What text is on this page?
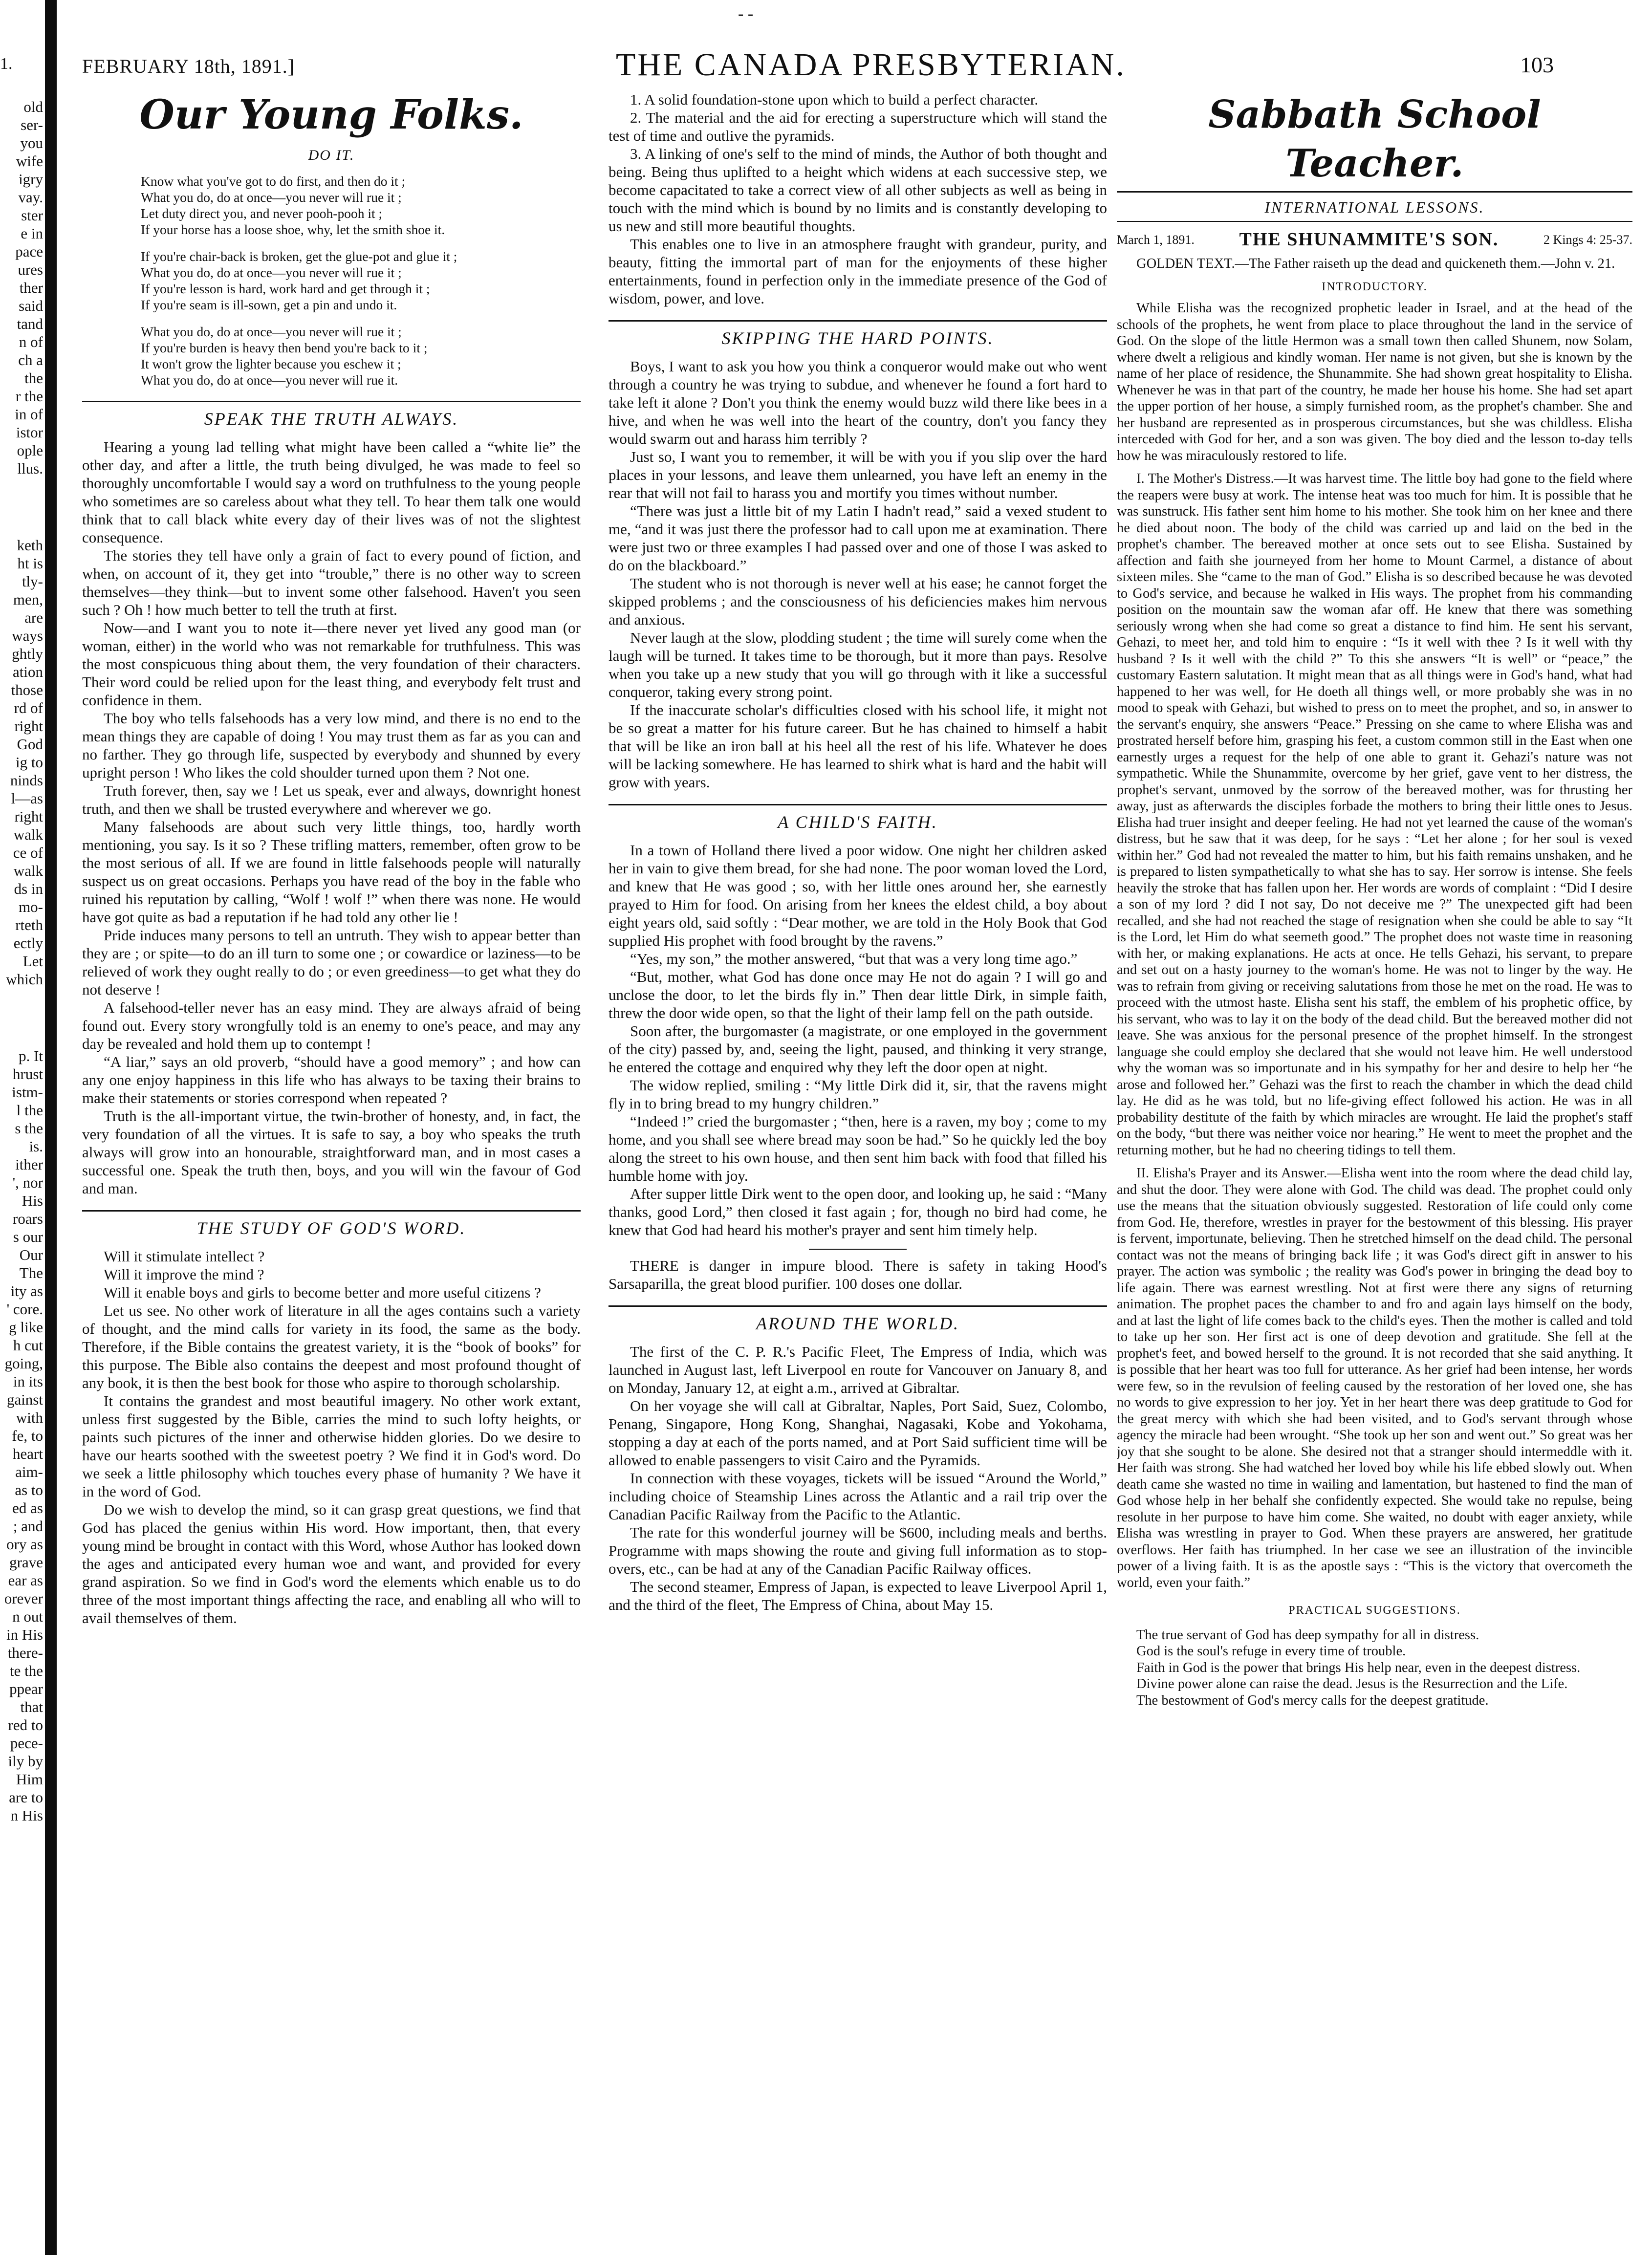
1.
- -
FEBRUARY 18th, 1891.]	THE CANADA PRESBYTERIAN.	103
old
ser-
you
wife
igry
vay.
ster
e in
pace
ures
ther
said
tand
n of
ch a
the
r the
in of
istor
ople
llus.
keth
ht is
tly-
men,
are
ways
ghtly
ation
those
rd of
right
God
ig to
ninds
l—as
right
walk
ce of
walk
ds in
mo-
rteth
ectly
Let
which
p. It
hrust
istm-
l the
s the
is.
ither
', nor
His
roars
s our
Our
The
ity as
' core.
g like
h cut
going,
in its
gainst
with
fe, to
heart
aim-
as to
ed as
; and
ory as
grave
ear as
orever
n out
in His
there-
te the
ppear
that
red to
pece-
ily by
Him
are to
n His
Our Young Folks.
DO IT.
Know what you've got to do first, and then do it ;
What you do, do at once—you never will rue it ;
Let duty direct you, and never pooh-pooh it ;
If your horse has a loose shoe, why, let the smith shoe it.
If you're chair-back is broken, get the glue-pot and glue it ;
What you do, do at once—you never will rue it ;
If you're lesson is hard, work hard and get through it ;
If you're seam is ill-sown, get a pin and undo it.
What you do, do at once—you never will rue it ;
If you're burden is heavy then bend you're back to it ;
It won't grow the lighter because you eschew it ;
What you do, do at once—you never will rue it.
SPEAK THE TRUTH ALWAYS.

Hearing a young lad telling what might have been called a “white lie” the other day, and after a little, the truth being divulged, he was made to feel so thoroughly uncomfortable I would say a word on truthfulness to the young people who sometimes are so careless about what they tell. To hear them talk one would think that to call black white every day of their lives was of not the slightest consequence.

The stories they tell have only a grain of fact to every pound of fiction, and when, on account of it, they get into “trouble,” there is no other way to screen themselves—they think—but to invent some other falsehood. Haven't you seen such ? Oh ! how much better to tell the truth at first.

Now—and I want you to note it—there never yet lived any good man (or woman, either) in the world who was not remarkable for truthfulness. This was the most conspicuous thing about them, the very foundation of their characters. Their word could be relied upon for the least thing, and everybody felt trust and confidence in them.

The boy who tells falsehoods has a very low mind, and there is no end to the mean things they are capable of doing ! You may trust them as far as you can and no farther. They go through life, suspected by everybody and shunned by every upright person ! Who likes the cold shoulder turned upon them ? Not one.

Truth forever, then, say we ! Let us speak, ever and always, downright honest truth, and then we shall be trusted everywhere and wherever we go.

Many falsehoods are about such very little things, too, hardly worth mentioning, you say. Is it so ? These trifling matters, remember, often grow to be the most serious of all. If we are found in little falsehoods people will naturally suspect us on great occasions. Perhaps you have read of the boy in the fable who ruined his reputation by calling, “Wolf ! wolf !” when there was none. He would have got quite as bad a reputation if he had told any other lie !

Pride induces many persons to tell an untruth. They wish to appear better than they are ; or spite—to do an ill turn to some one ; or cowardice or laziness—to be relieved of work they ought really to do ; or even greediness—to get what they do not deserve !

A falsehood-teller never has an easy mind. They are always afraid of being found out. Every story wrongfully told is an enemy to one's peace, and may any day be revealed and hold them up to contempt !

“A liar,” says an old proverb, “should have a good memory” ; and how can any one enjoy happiness in this life who has always to be taxing their brains to make their statements or stories correspond when repeated ?

Truth is the all-important virtue, the twin-brother of honesty, and, in fact, the very foundation of all the virtues. It is safe to say, a boy who speaks the truth always will grow into an honourable, straightforward man, and in most cases a successful one. Speak the truth then, boys, and you will win the favour of God and man.

THE STUDY OF GOD'S WORD.

Will it stimulate intellect ?

Will it improve the mind ?

Will it enable boys and girls to become better and more useful citizens ?

Let us see. No other work of literature in all the ages contains such a variety of thought, and the mind calls for variety in its food, the same as the body. Therefore, if the Bible contains the greatest variety, it is the “book of books” for this purpose. The Bible also contains the deepest and most profound thought of any book, it is then the best book for those who aspire to thorough scholarship.

It contains the grandest and most beautiful imagery. No other work extant, unless first suggested by the Bible, carries the mind to such lofty heights, or paints such pictures of the inner and otherwise hidden glories. Do we desire to have our hearts soothed with the sweetest poetry ? We find it in God's word. Do we seek a little philosophy which touches every phase of humanity ? We have it in the word of God.

Do we wish to develop the mind, so it can grasp great questions, we find that God has placed the genius within His word. How important, then, that every young mind be brought in contact with this Word, whose Author has looked down the ages and anticipated every human woe and want, and provided for every grand aspiration. So we find in God's word the elements which enable us to do three of the most important things affecting the race, and enabling all who will to avail themselves of them.

1. A solid foundation-stone upon which to build a perfect character.

2. The material and the aid for erecting a superstructure which will stand the test of time and outlive the pyramids.

3. A linking of one's self to the mind of minds, the Author of both thought and being. Being thus uplifted to a height which widens at each successive step, we become capacitated to take a correct view of all other subjects as well as being in touch with the mind which is bound by no limits and is constantly developing to us new and still more beautiful thoughts.

This enables one to live in an atmosphere fraught with grandeur, purity, and beauty, fitting the immortal part of man for the enjoyments of these higher entertainments, found in perfection only in the immediate presence of the God of wisdom, power, and love.

SKIPPING THE HARD POINTS.

Boys, I want to ask you how you think a conqueror would make out who went through a country he was trying to subdue, and whenever he found a fort hard to take left it alone ? Don't you think the enemy would buzz wild there like bees in a hive, and when he was well into the heart of the country, don't you fancy they would swarm out and harass him terribly ?

Just so, I want you to remember, it will be with you if you slip over the hard places in your lessons, and leave them unlearned, you have left an enemy in the rear that will not fail to harass you and mortify you times without number.

“There was just a little bit of my Latin I hadn't read,” said a vexed student to me, “and it was just there the professor had to call upon me at examination. There were just two or three examples I had passed over and one of those I was asked to do on the blackboard.”

The student who is not thorough is never well at his ease; he cannot forget the skipped problems ; and the consciousness of his deficiencies makes him nervous and anxious.

Never laugh at the slow, plodding student ; the time will surely come when the laugh will be turned. It takes time to be thorough, but it more than pays. Resolve when you take up a new study that you will go through with it like a successful conqueror, taking every strong point.

If the inaccurate scholar's difficulties closed with his school life, it might not be so great a matter for his future career. But he has chained to himself a habit that will be like an iron ball at his heel all the rest of his life. Whatever he does will be lacking somewhere. He has learned to shirk what is hard and the habit will grow with years.

A CHILD'S FAITH.

In a town of Holland there lived a poor widow. One night her children asked her in vain to give them bread, for she had none. The poor woman loved the Lord, and knew that He was good ; so, with her little ones around her, she earnestly prayed to Him for food. On arising from her knees the eldest child, a boy about eight years old, said softly : “Dear mother, we are told in the Holy Book that God supplied His prophet with food brought by the ravens.”

“Yes, my son,” the mother answered, “but that was a very long time ago.”

“But, mother, what God has done once may He not do again ? I will go and unclose the door, to let the birds fly in.” Then dear little Dirk, in simple faith, threw the door wide open, so that the light of their lamp fell on the path outside.

Soon after, the burgomaster (a magistrate, or one employed in the government of the city) passed by, and, seeing the light, paused, and thinking it very strange, he entered the cottage and enquired why they left the door open at night.

The widow replied, smiling : “My little Dirk did it, sir, that the ravens might fly in to bring bread to my hungry children.”

“Indeed !” cried the burgomaster ; “then, here is a raven, my boy ; come to my home, and you shall see where bread may soon be had.” So he quickly led the boy along the street to his own house, and then sent him back with food that filled his humble home with joy.

After supper little Dirk went to the open door, and looking up, he said : “Many thanks, good Lord,” then closed it fast again ; for, though no bird had come, he knew that God had heard his mother's prayer and sent him timely help.

THERE is danger in impure blood. There is safety in taking Hood's Sarsaparilla, the great blood purifier. 100 doses one dollar.

AROUND THE WORLD.

The first of the C. P. R.'s Pacific Fleet, The Empress of India, which was launched in August last, left Liverpool en route for Vancouver on January 8, and on Monday, January 12, at eight a.m., arrived at Gibraltar.

On her voyage she will call at Gibraltar, Naples, Port Said, Suez, Colombo, Penang, Singapore, Hong Kong, Shanghai, Nagasaki, Kobe and Yokohama, stopping a day at each of the ports named, and at Port Said sufficient time will be allowed to enable passengers to visit Cairo and the Pyramids.

In connection with these voyages, tickets will be issued “Around the World,” including choice of Steamship Lines across the Atlantic and a rail trip over the Canadian Pacific Railway from the Pacific to the Atlantic.

The rate for this wonderful journey will be $600, including meals and berths. Programme with maps showing the route and giving full information as to stop-overs, etc., can be had at any of the Canadian Pacific Railway offices.

The second steamer, Empress of Japan, is expected to leave Liverpool April 1, and the third of the fleet, The Empress of China, about May 15.

Sabbath School Teacher.
INTERNATIONAL LESSONS.
March 1, 1891. THE SHUNAMMITE'S SON.	2 Kings 4: 25-37.

GOLDEN TEXT.—The Father raiseth up the dead and quickeneth them.—John v. 21.

INTRODUCTORY.

While Elisha was the recognized prophetic leader in Israel, and at the head of the schools of the prophets, he went from place to place throughout the land in the service of God. On the slope of the little Hermon was a small town then called Shunem, now Solam, where dwelt a religious and kindly woman. Her name is not given, but she is known by the name of her place of residence, the Shunammite. She had shown great hospitality to Elisha. Whenever he was in that part of the country, he made her house his home. She had set apart the upper portion of her house, a simply furnished room, as the prophet's chamber. She and her husband are represented as in prosperous circumstances, but she was childless. Elisha interceded with God for her, and a son was given. The boy died and the lesson to-day tells how he was miraculously restored to life.

I. The Mother's Distress.—It was harvest time. The little boy had gone to the field where the reapers were busy at work. The intense heat was too much for him. It is possible that he was sunstruck. His father sent him home to his mother. She took him on her knee and there he died about noon. The body of the child was carried up and laid on the bed in the prophet's chamber. The bereaved mother at once sets out to see Elisha. Sustained by affection and faith she journeyed from her home to Mount Carmel, a distance of about sixteen miles. She “came to the man of God.” Elisha is so described because he was devoted to God's service, and because he walked in His ways. The prophet from his commanding position on the mountain saw the woman afar off. He knew that there was something seriously wrong when she had come so great a distance to find him. He sent his servant, Gehazi, to meet her, and told him to enquire : “Is it well with thee ? Is it well with thy husband ? Is it well with the child ?” To this she answers “It is well” or “peace,” the customary Eastern salutation. It might mean that as all things were in God's hand, what had happened to her was well, for He doeth all things well, or more probably she was in no mood to speak with Gehazi, but wished to press on to meet the prophet, and so, in answer to the servant's enquiry, she answers “Peace.” Pressing on she came to where Elisha was and prostrated herself before him, grasping his feet, a custom common still in the East when one earnestly urges a request for the help of one able to grant it. Gehazi's nature was not sympathetic. While the Shunammite, overcome by her grief, gave vent to her distress, the prophet's servant, unmoved by the sorrow of the bereaved mother, was for thrusting her away, just as afterwards the disciples forbade the mothers to bring their little ones to Jesus. Elisha had truer insight and deeper feeling. He had not yet learned the cause of the woman's distress, but he saw that it was deep, for he says : “Let her alone ; for her soul is vexed within her.” God had not revealed the matter to him, but his faith remains unshaken, and he is prepared to listen sympathetically to what she has to say. Her sorrow is intense. She feels heavily the stroke that has fallen upon her. Her words are words of complaint : “Did I desire a son of my lord ? did I not say, Do not deceive me ?” The unexpected gift had been recalled, and she had not reached the stage of resignation when she could be able to say “It is the Lord, let Him do what seemeth good.” The prophet does not waste time in reasoning with her, or making explanations. He acts at once. He tells Gehazi, his servant, to prepare and set out on a hasty journey to the woman's home. He was not to linger by the way. He was to refrain from giving or receiving salutations from those he met on the road. He was to proceed with the utmost haste. Elisha sent his staff, the emblem of his prophetic office, by his servant, who was to lay it on the body of the dead child. But the bereaved mother did not leave. She was anxious for the personal presence of the prophet himself. In the strongest language she could employ she declared that she would not leave him. He well understood why the woman was so importunate and in his sympathy for her and desire to help her “he arose and followed her.” Gehazi was the first to reach the chamber in which the dead child lay. He did as he was told, but no life-giving effect followed his action. He was in all probability destitute of the faith by which miracles are wrought. He laid the prophet's staff on the body, “but there was neither voice nor hearing.” He went to meet the prophet and the returning mother, but he had no cheering tidings to tell them.

II. Elisha's Prayer and its Answer.—Elisha went into the room where the dead child lay, and shut the door. They were alone with God. The child was dead. The prophet could only use the means that the situation obviously suggested. Restoration of life could only come from God. He, therefore, wrestles in prayer for the bestowment of this blessing. His prayer is fervent, importunate, believing. Then he stretched himself on the dead child. The personal contact was not the means of bringing back life ; it was God's direct gift in answer to his prayer. The action was symbolic ; the reality was God's power in bringing the dead boy to life again. There was earnest wrestling. Not at first were there any signs of returning animation. The prophet paces the chamber to and fro and again lays himself on the body, and at last the light of life comes back to the child's eyes. Then the mother is called and told to take up her son. Her first act is one of deep devotion and gratitude. She fell at the prophet's feet, and bowed herself to the ground. It is not recorded that she said anything. It is possible that her heart was too full for utterance. As her grief had been intense, her words were few, so in the revulsion of feeling caused by the restoration of her loved one, she has no words to give expression to her joy. Yet in her heart there was deep gratitude to God for the great mercy with which she had been visited, and to God's servant through whose agency the miracle had been wrought. “She took up her son and went out.” So great was her joy that she sought to be alone. She desired not that a stranger should intermeddle with it. Her faith was strong. She had watched her loved boy while his life ebbed slowly out. When death came she wasted no time in wailing and lamentation, but hastened to find the man of God whose help in her behalf she confidently expected. She would take no repulse, being resolute in her purpose to have him come. She waited, no doubt with eager anxiety, while Elisha was wrestling in prayer to God. When these prayers are answered, her gratitude overflows. Her faith has triumphed. In her case we see an illustration of the invincible power of a living faith. It is as the apostle says : “This is the victory that overcometh the world, even your faith.”

PRACTICAL SUGGESTIONS.

The true servant of God has deep sympathy for all in distress.

God is the soul's refuge in every time of trouble.

Faith in God is the power that brings His help near, even in the deepest distress.

Divine power alone can raise the dead. Jesus is the Resurrection and the Life.

The bestowment of God's mercy calls for the deepest gratitude.
